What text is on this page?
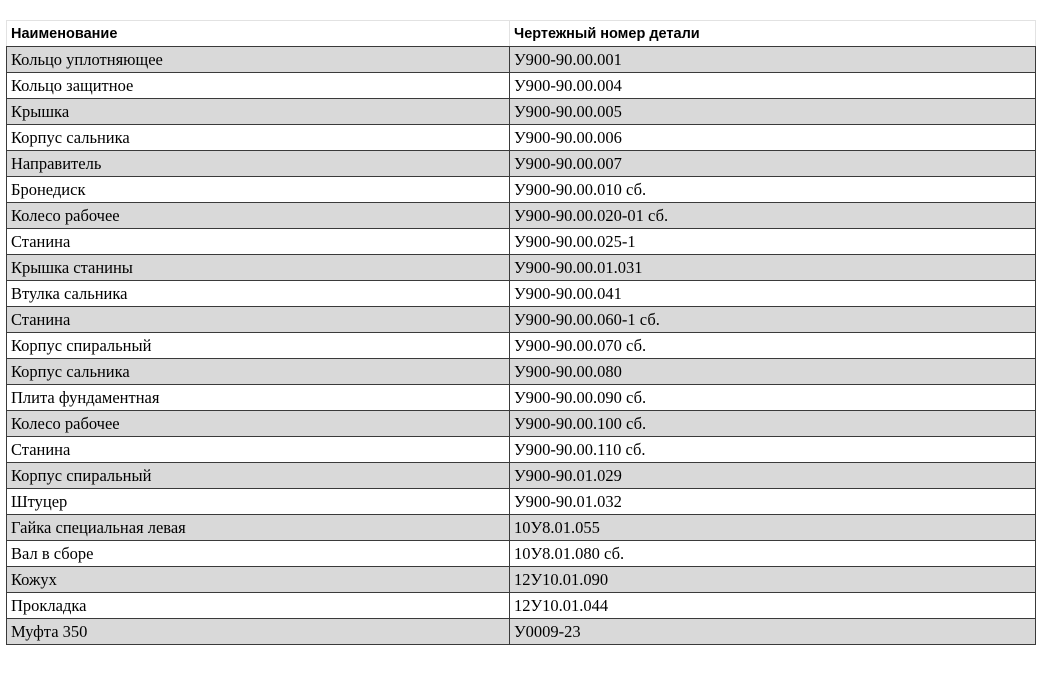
Наименование	Чертежный номер детали
Кольцо уплотняющее	У900-90.00.001
Кольцо защитное	У900-90.00.004
Крышка	У900-90.00.005
Корпус сальника	У900-90.00.006
Направитель	У900-90.00.007
Бронедиск	У900-90.00.010 сб.
Колесо рабочее	У900-90.00.020-01 сб.
Станина	У900-90.00.025-1
Крышка станины	У900-90.00.01.031
Втулка сальника	У900-90.00.041
Станина	У900-90.00.060-1 сб.
Корпус спиральный	У900-90.00.070 сб.
Корпус сальника	У900-90.00.080
Плита фундаментная	У900-90.00.090 сб.
Колесо рабочее	У900-90.00.100 сб.
Станина	У900-90.00.110 сб.
Корпус спиральный	У900-90.01.029
Штуцер	У900-90.01.032
Гайка специальная левая	10У8.01.055
Вал в сборе	10У8.01.080 сб.
Кожух	12У10.01.090
Прокладка	12У10.01.044
Муфта 350	У0009-23
